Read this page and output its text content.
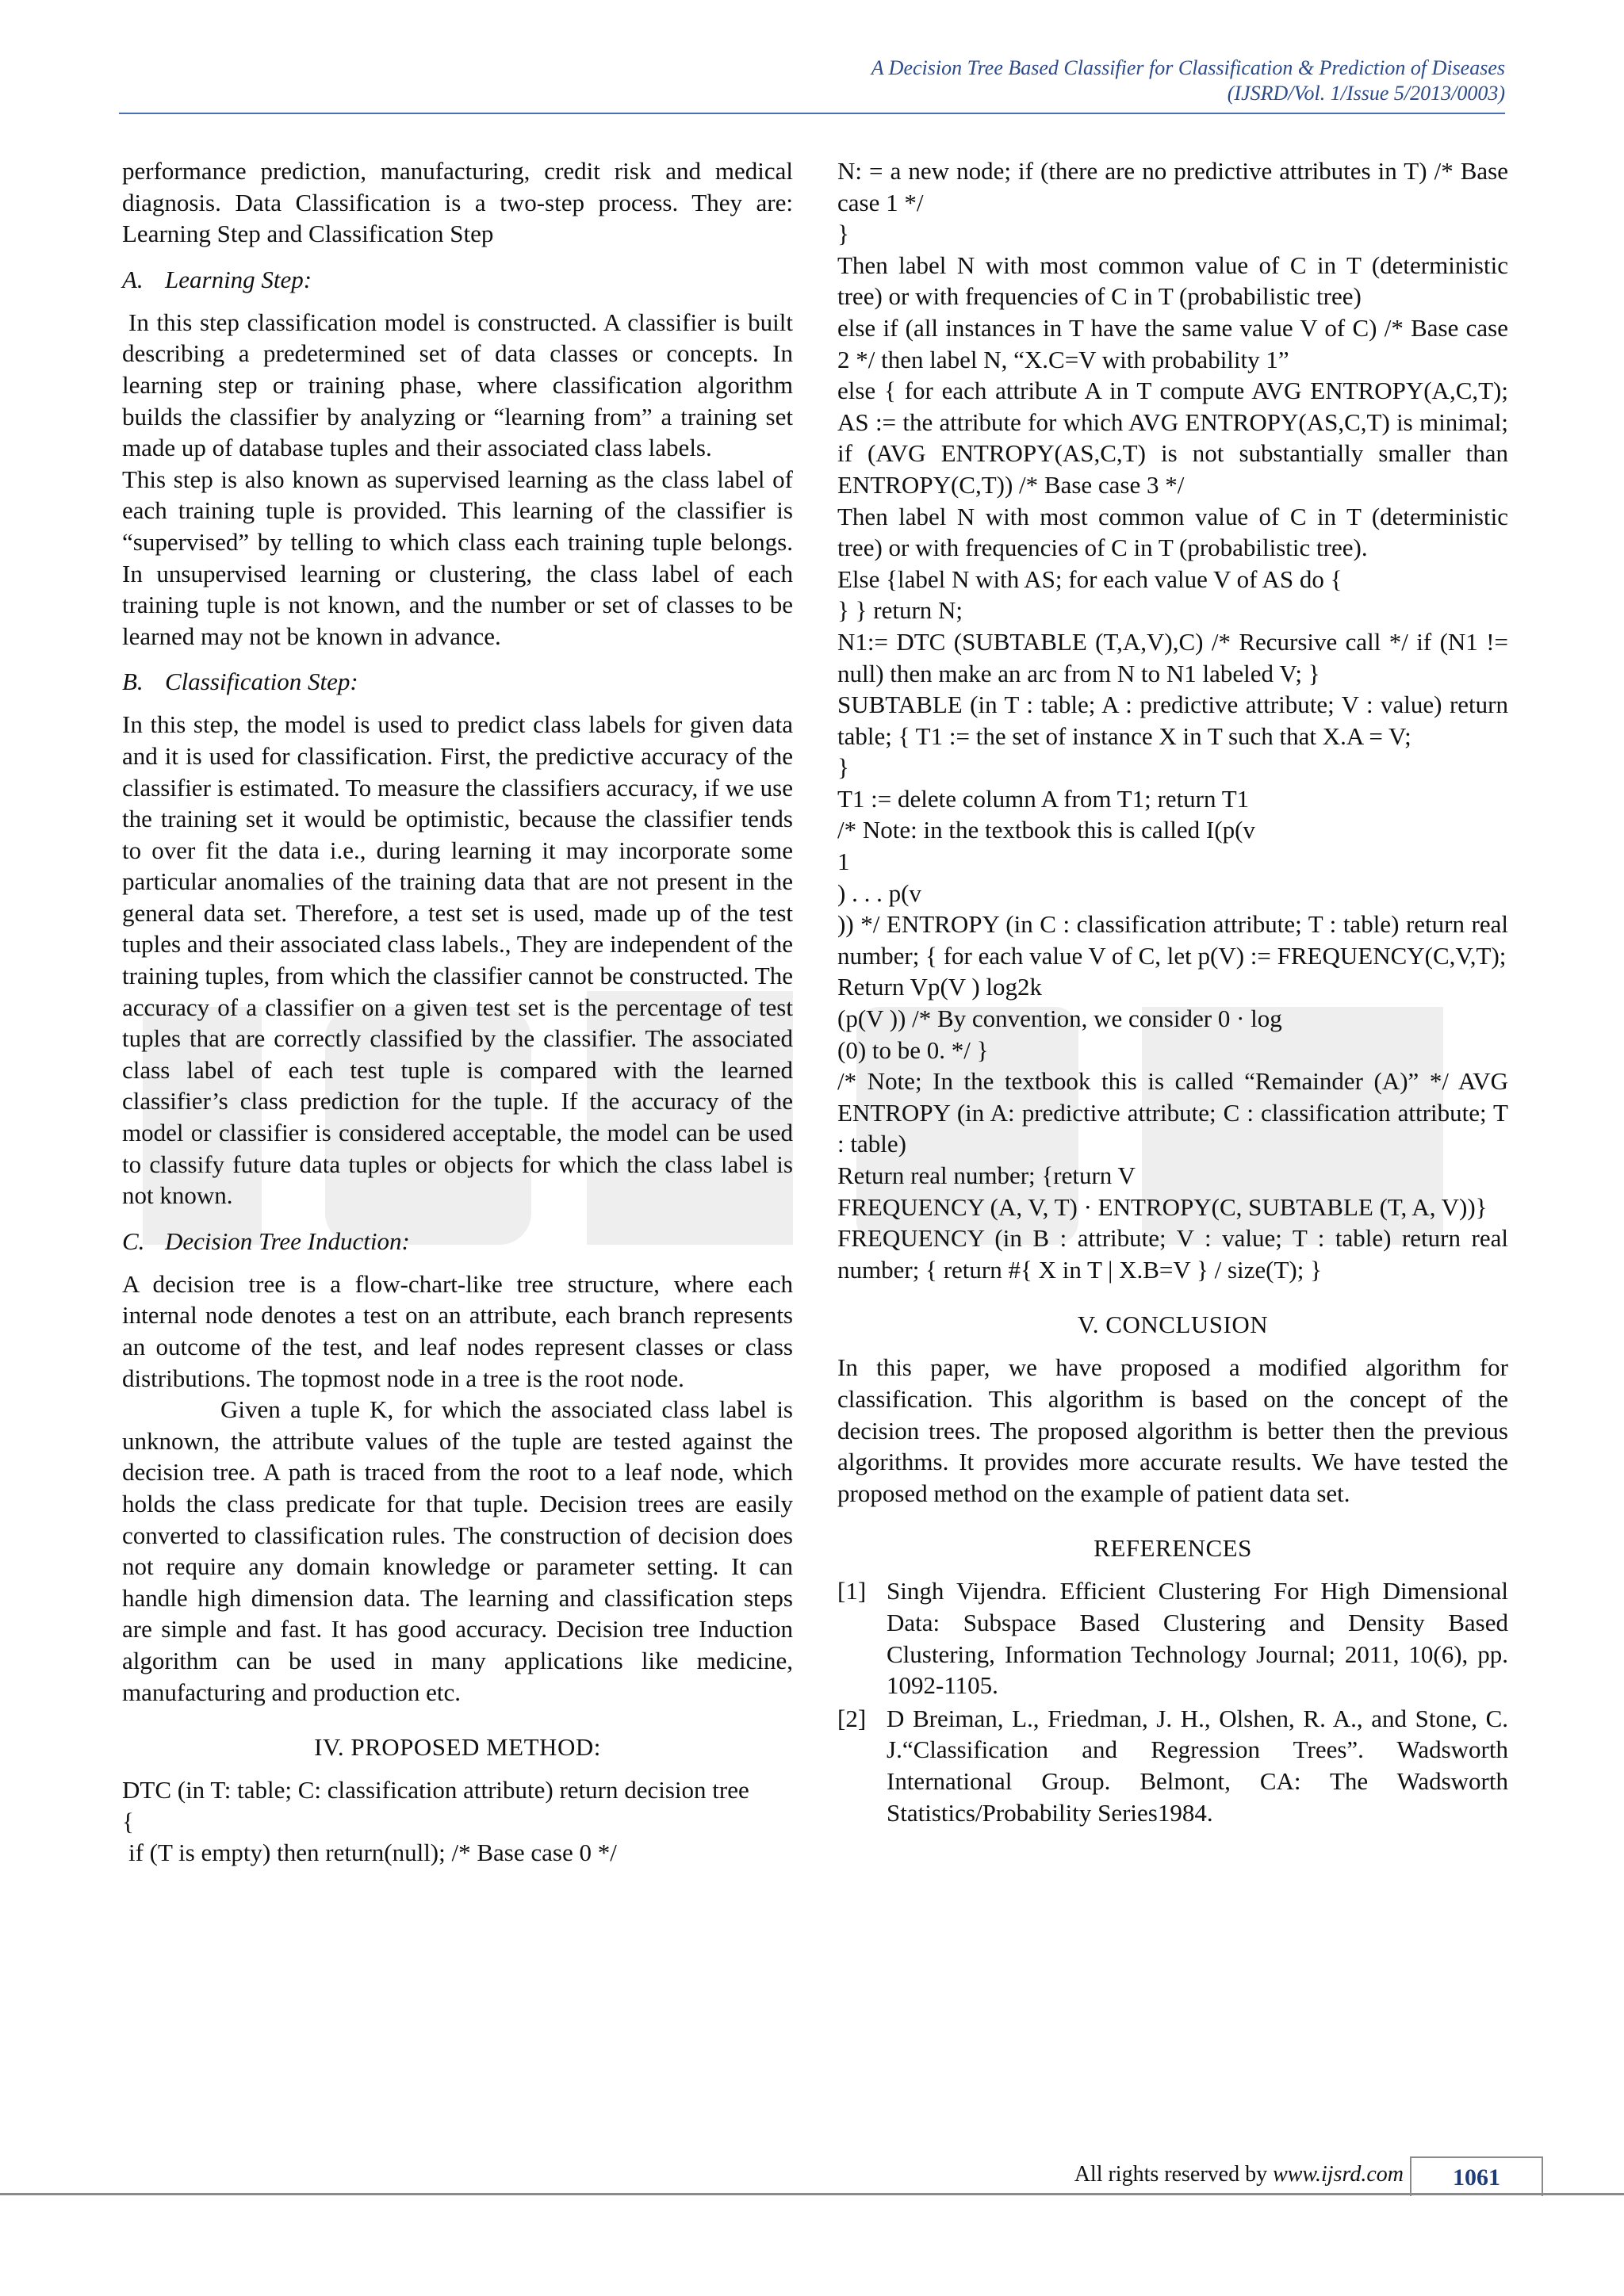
A Decision Tree Based Classifier for Classification & Prediction of Diseases
(IJSRD/Vol. 1/Issue 5/2013/0003)

performance prediction, manufacturing, credit risk and medical diagnosis. Data Classification is a two-step process. They are: Learning Step and Classification Step

A. Learning Step:

In this step classification model is constructed. A classifier is built describing a predetermined set of data classes or concepts. In learning step or training phase, where classification algorithm builds the classifier by analyzing or “learning from” a training set made up of database tuples and their associated class labels.

This step is also known as supervised learning as the class label of each training tuple is provided. This learning of the classifier is “supervised” by telling to which class each training tuple belongs. In unsupervised learning or clustering, the class label of each training tuple is not known, and the number or set of classes to be learned may not be known in advance.

B. Classification Step:

In this step, the model is used to predict class labels for given data and it is used for classification. First, the predictive accuracy of the classifier is estimated. To measure the classifiers accuracy, if we use the training set it would be optimistic, because the classifier tends to over fit the data i.e., during learning it may incorporate some particular anomalies of the training data that are not present in the general data set. Therefore, a test set is used, made up of the test tuples and their associated class labels., They are independent of the training tuples, from which the classifier cannot be constructed. The accuracy of a classifier on a given test set is the percentage of test tuples that are correctly classified by the classifier. The associated class label of each test tuple is compared with the learned classifier’s class prediction for the tuple. If the accuracy of the model or classifier is considered acceptable, the model can be used to classify future data tuples or objects for which the class label is not known.

C. Decision Tree Induction:

A decision tree is a flow-chart-like tree structure, where each internal node denotes a test on an attribute, each branch represents an outcome of the test, and leaf nodes represent classes or class distributions. The topmost node in a tree is the root node.

Given a tuple K, for which the associated class label is unknown, the attribute values of the tuple are tested against the decision tree. A path is traced from the root to a leaf node, which holds the class predicate for that tuple. Decision trees are easily converted to classification rules. The construction of decision does not require any domain knowledge or parameter setting. It can handle high dimension data. The learning and classification steps are simple and fast. It has good accuracy. Decision tree Induction algorithm can be used in many applications like medicine, manufacturing and production etc.

IV. PROPOSED METHOD:

DTC (in T: table; C: classification attribute) return decision tree

{

if (T is empty) then return(null); /* Base case 0 */

N: = a new node; if (there are no predictive attributes in T) /* Base case 1 */

}

Then label N with most common value of C in T (deterministic tree) or with frequencies of C in T (probabilistic tree)

else if (all instances in T have the same value V of C) /* Base case 2 */ then label N, “X.C=V with probability 1”

else { for each attribute A in T compute AVG ENTROPY(A,C,T); AS := the attribute for which AVG ENTROPY(AS,C,T) is minimal; if (AVG ENTROPY(AS,C,T) is not substantially smaller than ENTROPY(C,T)) /* Base case 3 */

Then label N with most common value of C in T (deterministic tree) or with frequencies of C in T (probabilistic tree).

Else {label N with AS; for each value V of AS do {

} } return N;

N1:= DTC (SUBTABLE (T,A,V),C) /* Recursive call */ if (N1 != null) then make an arc from N to N1 labeled V; }

SUBTABLE (in T : table; A : predictive attribute; V : value) return table; { T1 := the set of instance X in T such that X.A = V;

}

T1 := delete column A from T1; return T1

/* Note: in the textbook this is called I(p(v

1

) . . . p(v

)) */ ENTROPY (in C : classification attribute; T : table) return real number; { for each value V of C, let p(V) := FREQUENCY(C,V,T);

Return Vp(V ) log2k

(p(V )) /* By convention, we consider 0 · log

(0) to be 0. */ }

/* Note; In the textbook this is called “Remainder (A)” */ AVG ENTROPY (in A: predictive attribute; C : classification attribute; T : table)

Return real number; {return V

FREQUENCY (A, V, T) · ENTROPY(C, SUBTABLE (T, A, V))}

FREQUENCY (in B : attribute; V : value; T : table) return real number; { return #{ X in T | X.B=V } / size(T); }

V. CONCLUSION

In this paper, we have proposed a modified algorithm for classification. This algorithm is based on the concept of the decision trees. The proposed algorithm is better then the previous algorithms. It provides more accurate results. We have tested the proposed method on the example of patient data set.

REFERENCES
[1] Singh Vijendra. Efficient Clustering For High Dimensional Data: Subspace Based Clustering and Density Based Clustering, Information Technology Journal; 2011, 10(6), pp. 1092-1105.
[2] D Breiman, L., Friedman, J. H., Olshen, R. A., and Stone, C. J.“Classification and Regression Trees”. Wadsworth International Group. Belmont, CA: The Wadsworth Statistics/Probability Series1984.
All rights reserved by www.ijsrd.com	1061
